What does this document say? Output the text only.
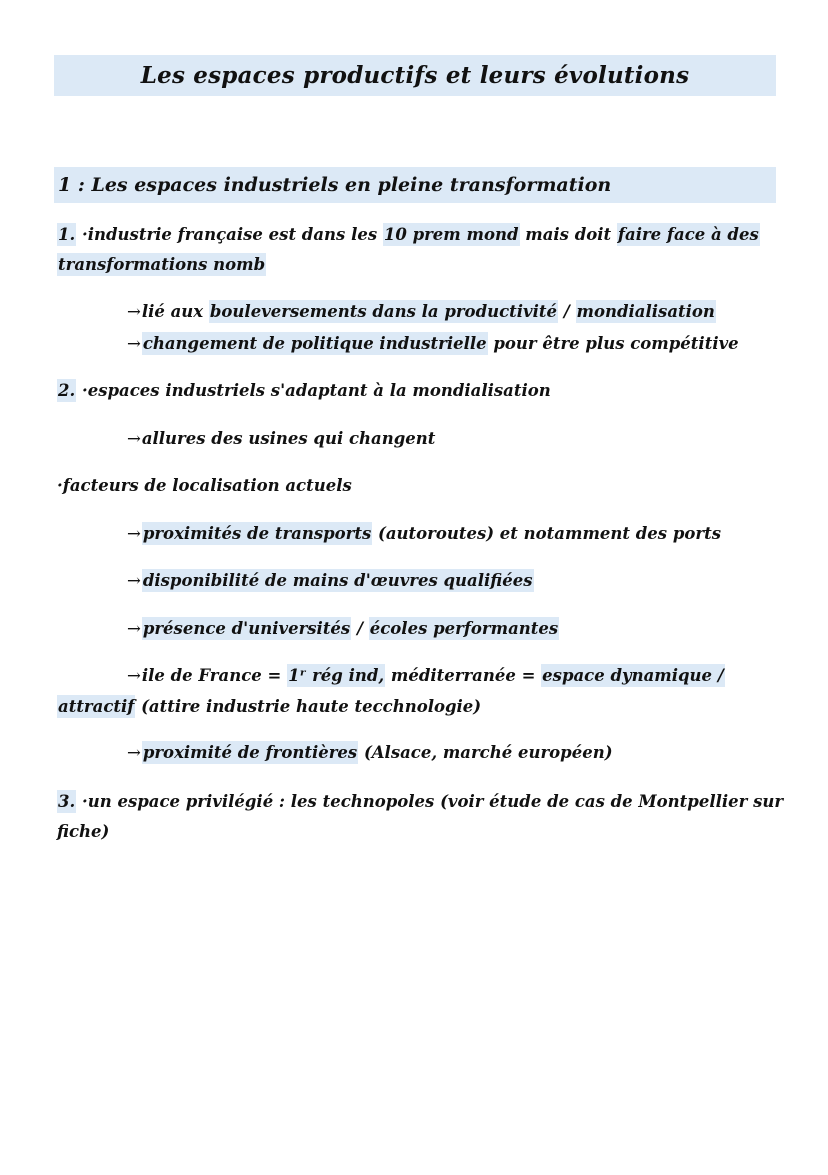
Les espaces productifs et leurs évolutions
1 : Les espaces industriels en pleine transformation
1. ·industrie française est dans les 10 prem mond mais doit faire face à des
transformations nomb
→lié aux bouleversements dans la productivité / mondialisation
→ changement de politique industrielle pour être plus compétitive
2. ·espaces industriels s'adaptant à la mondialisation
→allures des usines qui changent
·facteurs de localisation actuels
→ proximités de transports (autoroutes) et notamment des ports
→ disponibilité de mains d'œuvres qualifiées
→ présence d'universités / écoles performantes
→ile de France = 1ʳ rég ind, méditerranée = espace dynamique /
attractif (attire industrie haute tecchnologie)
→ proximité de frontières (Alsace, marché européen)
3. ·un espace privilégié : les technopoles (voir étude de cas de Montpellier sur
fiche)
